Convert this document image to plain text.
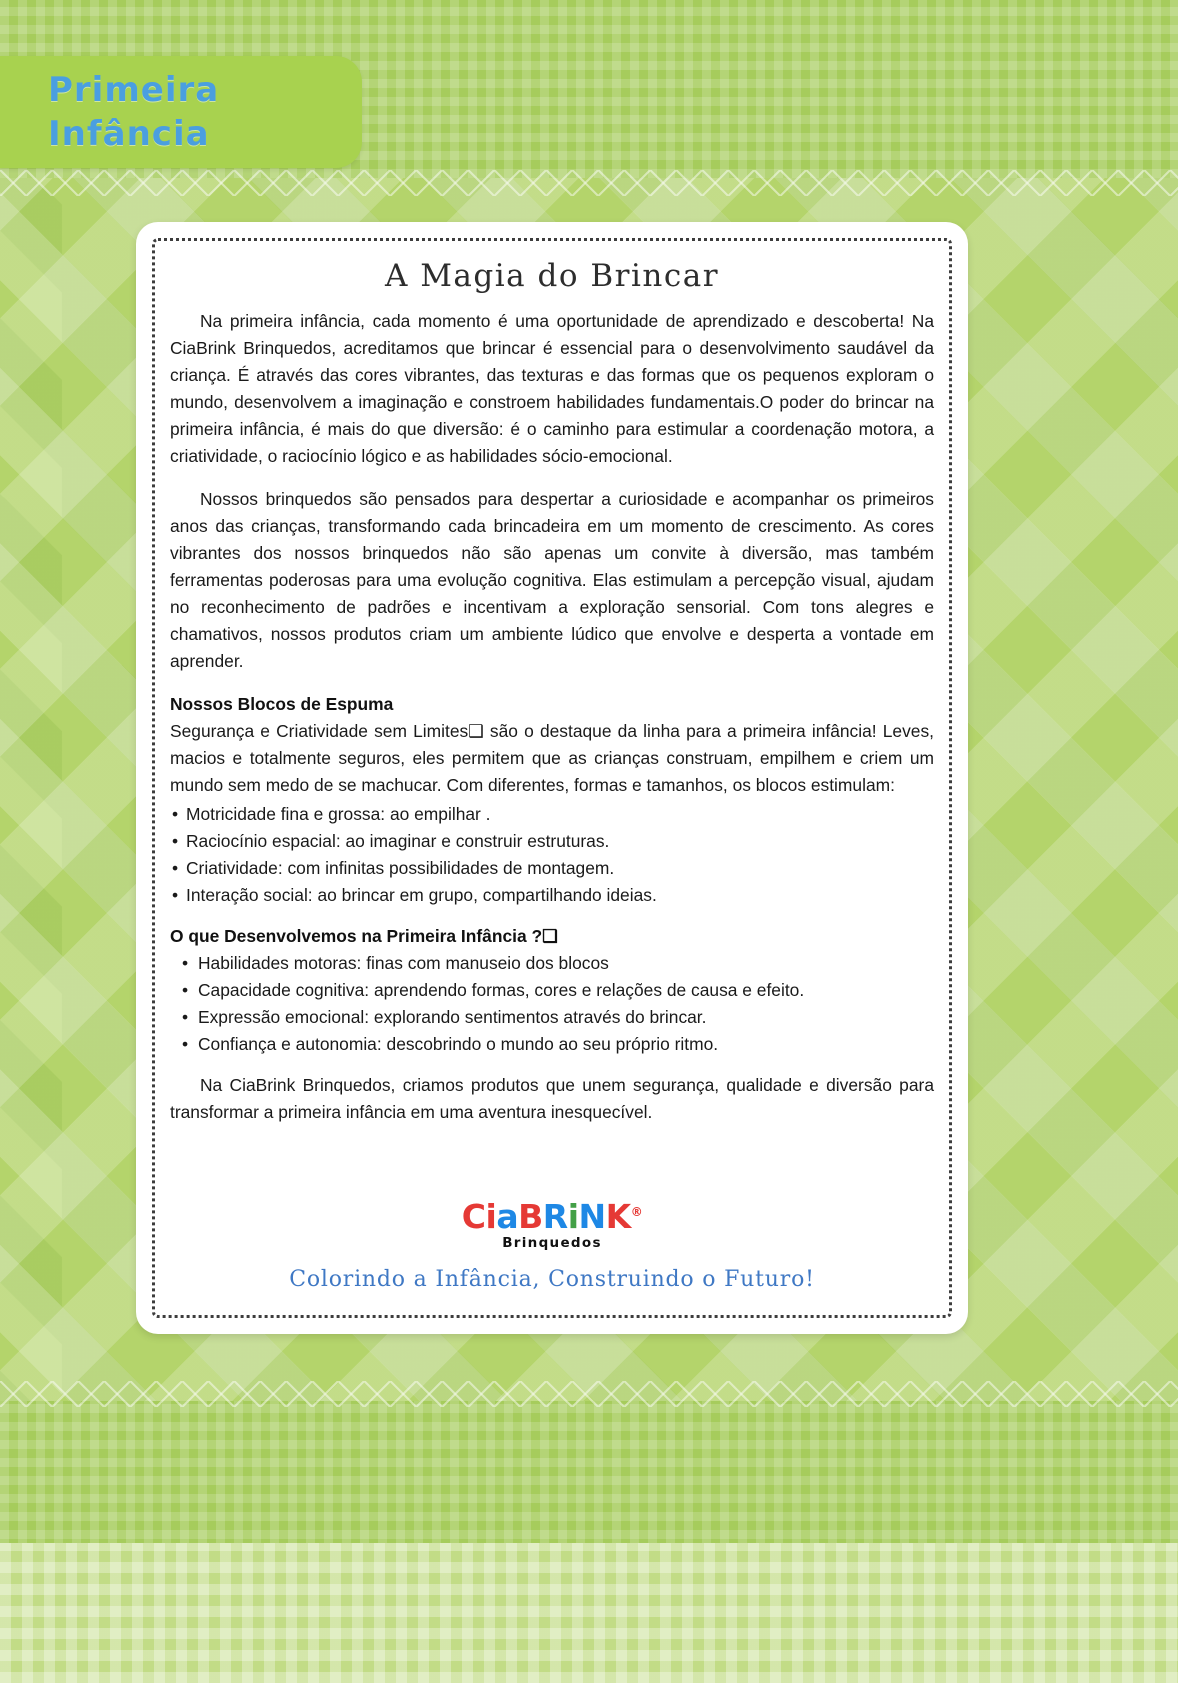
Primeira
Infância
A Magia do Brincar

Na primeira infância, cada momento é uma oportunidade de aprendizado e descoberta! Na CiaBrink Brinquedos, acreditamos que brincar é essencial para o desenvolvimento saudável da criança. É através das cores vibrantes, das texturas e das formas que os pequenos exploram o mundo, desenvolvem a imaginação e constroem habilidades fundamentais.O poder do brincar na primeira infância, é mais do que diversão: é o caminho para estimular a coordenação motora, a criatividade, o raciocínio lógico e as habilidades sócio-emocional.

Nossos brinquedos são pensados para despertar a curiosidade e acompanhar os primeiros anos das crianças, transformando cada brincadeira em um momento de crescimento. As cores vibrantes dos nossos brinquedos não são apenas um convite à diversão, mas também ferramentas poderosas para uma evolução cognitiva. Elas estimulam a percepção visual, ajudam no reconhecimento de padrões e incentivam a exploração sensorial. Com tons alegres e chamativos, nossos produtos criam um ambiente lúdico que envolve e desperta a vontade em aprender.

Nossos Blocos de Espuma

Segurança e Criatividade sem Limites❑ são o destaque da linha para a primeira infância! Leves, macios e totalmente seguros, eles permitem que as crianças construam, empilhem e criem um mundo sem medo de se machucar. Com diferentes, formas e tamanhos, os blocos estimulam:

• Motricidade fina e grossa: ao empilhar .
• Raciocínio espacial: ao imaginar e construir estruturas.
• Criatividade: com infinitas possibilidades de montagem.
• Interação social: ao brincar em grupo, compartilhando ideias.
O que Desenvolvemos na Primeira Infância ?❑
• Habilidades motoras: finas com manuseio dos blocos
• Capacidade cognitiva: aprendendo formas, cores e relações de causa e efeito.
• Expressão emocional: explorando sentimentos através do brincar.
• Confiança e autonomia: descobrindo o mundo ao seu próprio ritmo.

Na CiaBrink Brinquedos, criamos produtos que unem segurança, qualidade e diversão para transformar a primeira infância em uma aventura inesquecível.

CiaBRiNK®
Brinquedos
Colorindo a Infância, Construindo o Futuro!
